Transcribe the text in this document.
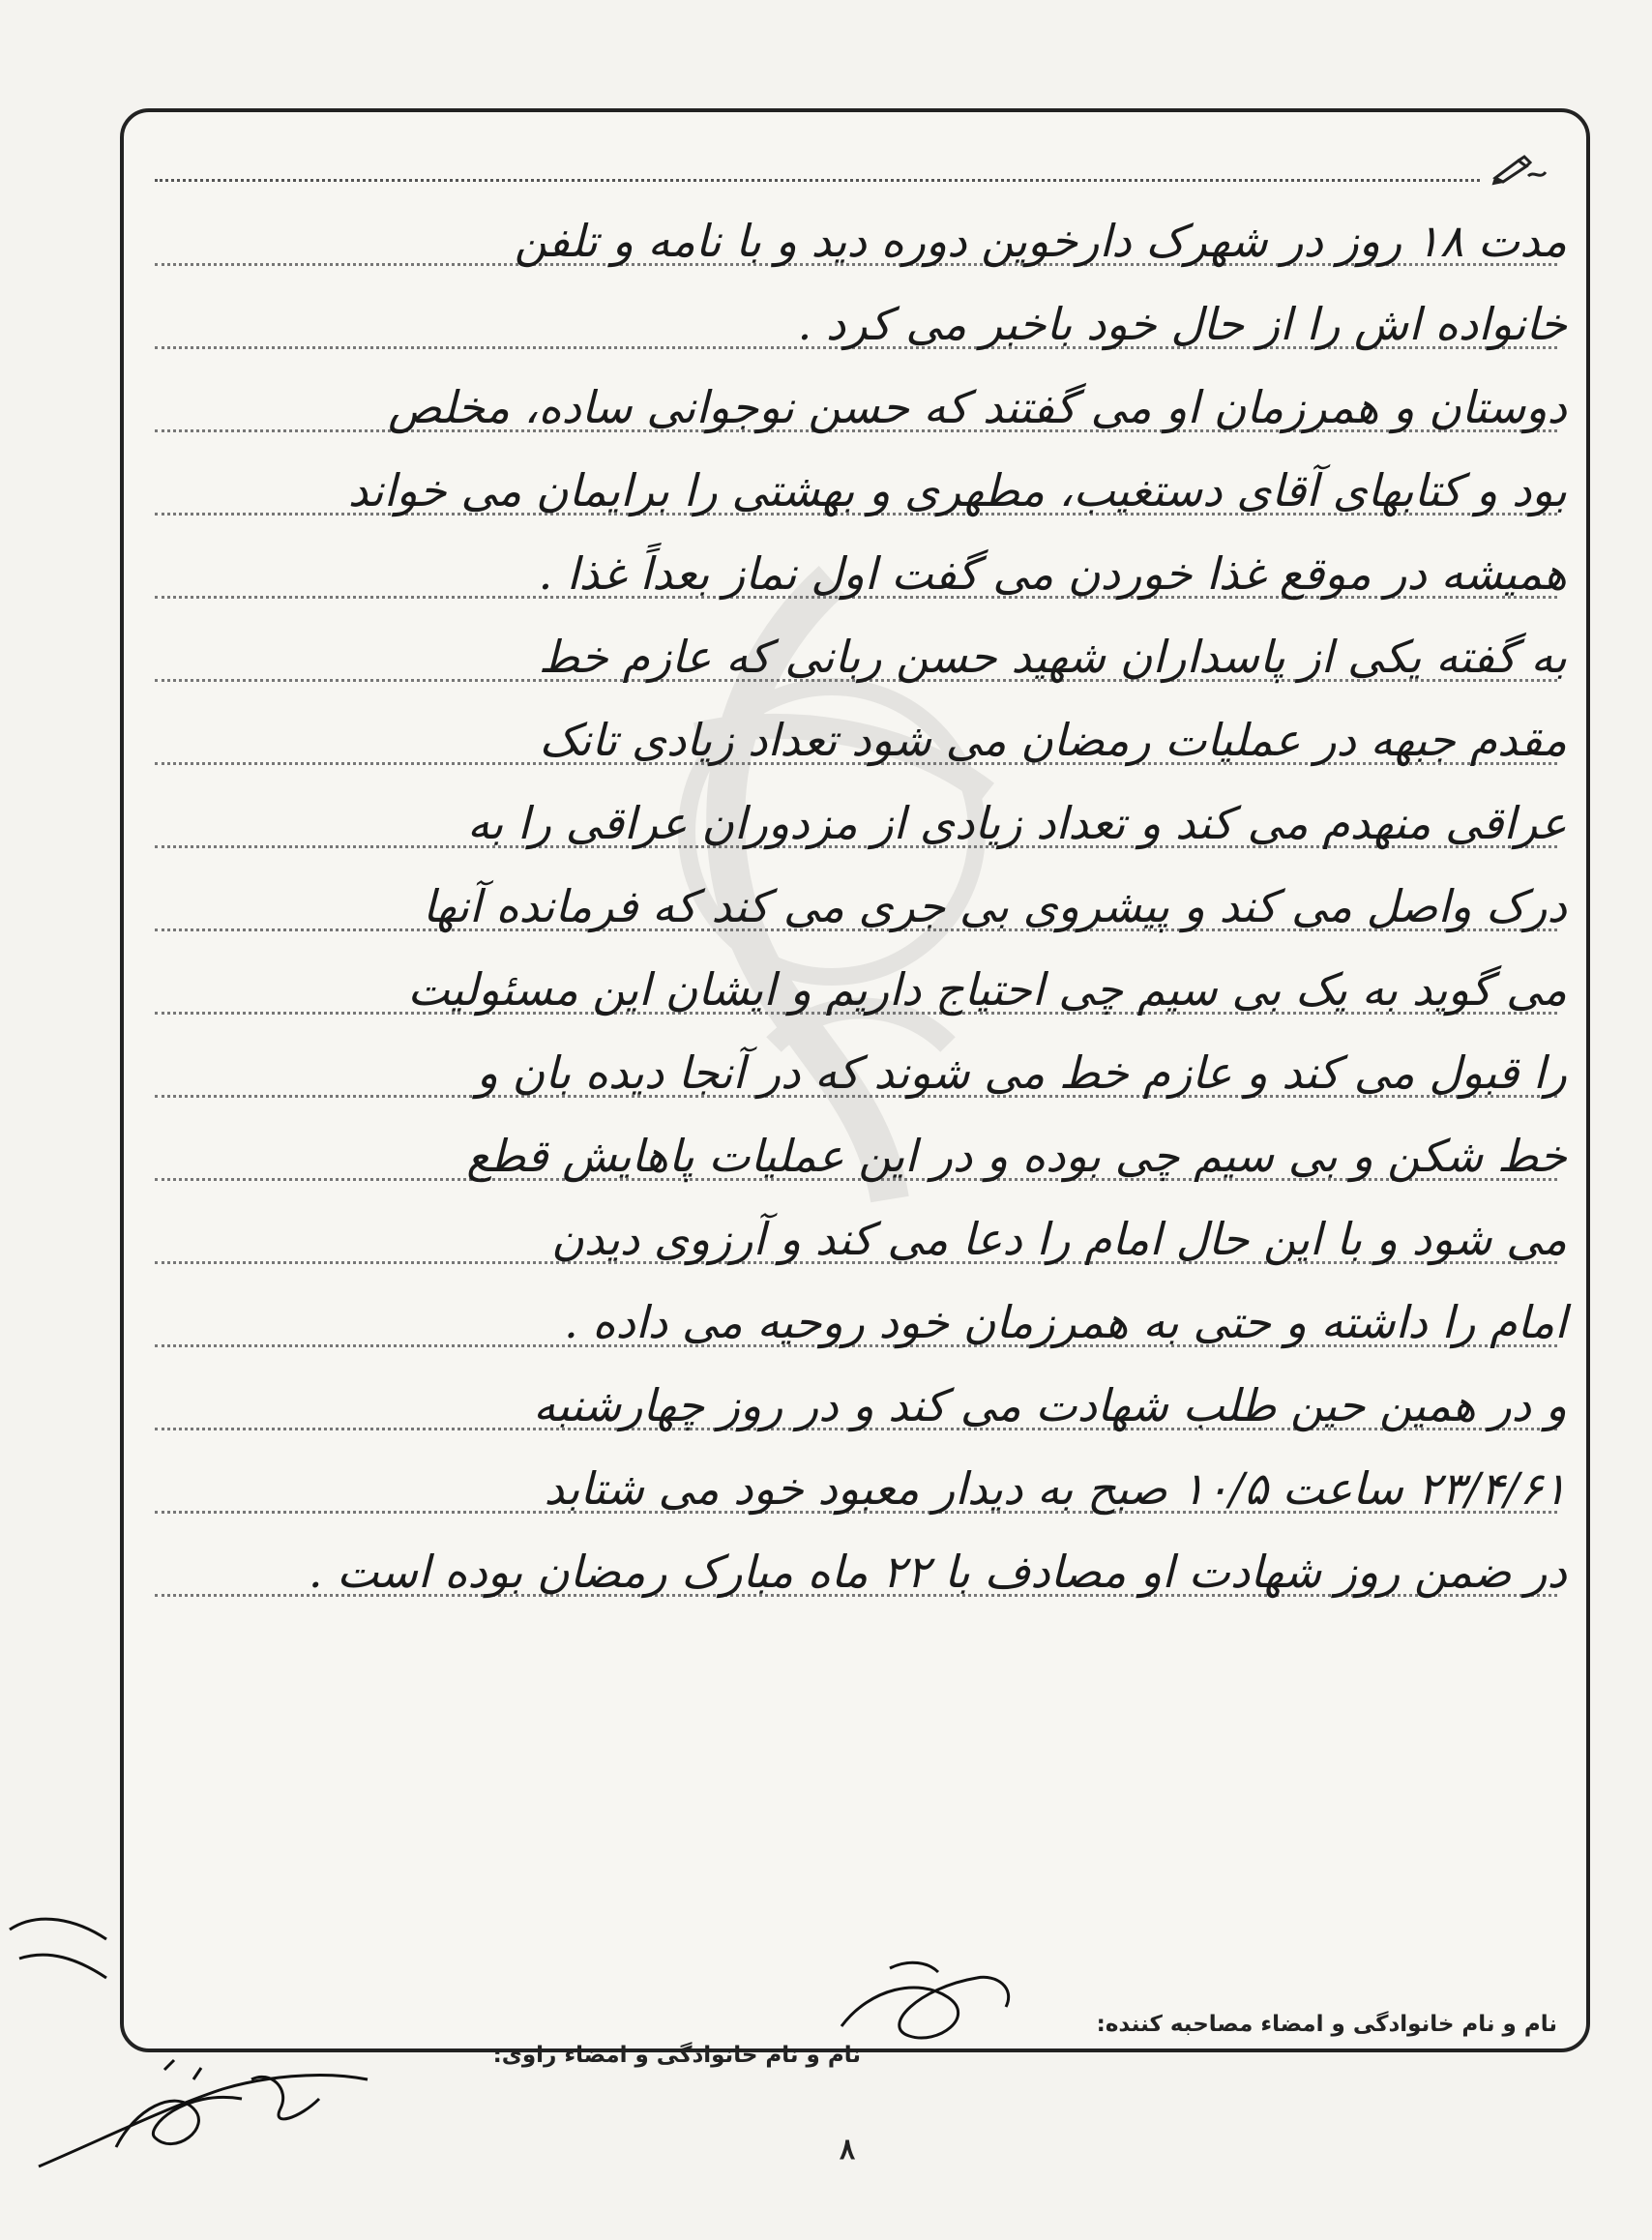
مدت ۱۸ روز در شهرک دارخوین دوره دید و با نامه و تلفن
خانواده اش را از حال خود باخبر می کرد .
دوستان و همرزمان او می گفتند که حسن نوجوانی ساده، مخلص
بود و کتابهای آقای دستغیب، مطهری و بهشتی را برایمان می خواند
همیشه در موقع غذا خوردن می گفت اول نماز بعداً غذا .
به گفته یکی از پاسداران شهید حسن ربانی که عازم خط
مقدم جبهه در عملیات رمضان می شود تعداد زیادی تانک
عراقی منهدم می کند و تعداد زیادی از مزدوران عراقی را به
درک واصل می کند و پیشروی بی جری می کند که فرمانده آنها
می گوید به یک بی سیم چی احتیاج داریم و ایشان این مسئولیت
را قبول می کند و عازم خط می شوند که در آنجا دیده بان و
خط شکن و بی سیم چی بوده و در این عملیات پاهایش قطع
می شود و با این حال امام را دعا می کند و آرزوی دیدن
امام را داشته و حتی به همرزمان خود روحیه می داده .
و در همین حین طلب شهادت می کند و در روز چهارشنبه
۲۳/۴/۶۱ ساعت ۱۰/۵ صبح به دیدار معبود خود می شتابد
در ضمن روز شهادت او مصادف با ۲۲ ماه مبارک رمضان بوده است .
نام و نام خانوادگی و امضاء مصاحبه کننده:
نام و نام خانوادگی و امضاء راوی:
۸
